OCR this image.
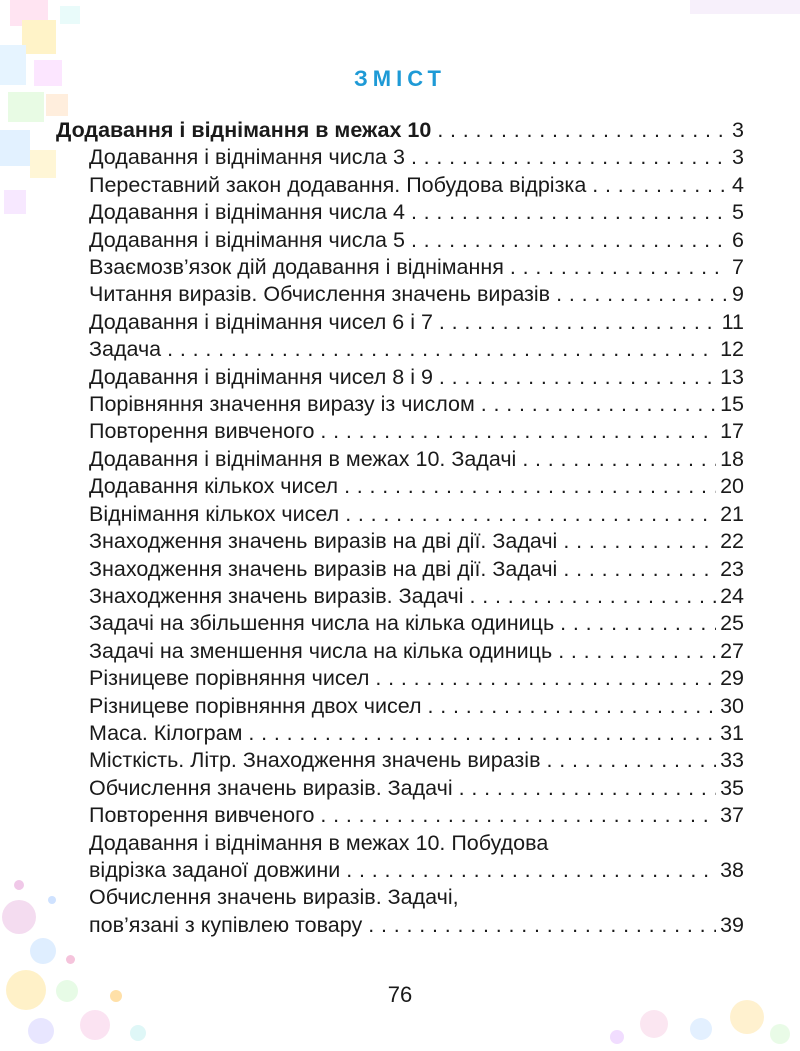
ЗМІСТ
Додавання і віднімання в межах 10 . . .	3
Додавання і віднімання числа 3 . . .	3
Переставний закон додавання. Побудова відрізка . . .	4
Додавання і віднімання числа 4 . . .	5
Додавання і віднімання числа 5 . . .	6
Взаємозв’язок дій додавання і віднімання . . .	7
Читання виразів. Обчислення значень виразів . . .	9
Додавання і віднімання чисел 6 і 7 . . .	11
Задача . . .	12
Додавання і віднімання чисел 8 і 9 . . .	13
Порівняння значення виразу із числом . . .	15
Повторення вивченого . . .	17
Додавання і віднімання в межах 10. Задачі . . .	18
Додавання кількох чисел . . .	20
Віднімання кількох чисел . . .	21
Знаходження значень виразів на дві дії. Задачі . . .	22
Знаходження значень виразів на дві дії. Задачі . . .	23
Знаходження значень виразів. Задачі . . .	24
Задачі на збільшення числа на кілька одиниць . . .	25
Задачі на зменшення числа на кілька одиниць . . .	27
Різницеве порівняння чисел . . .	29
Різницеве порівняння двох чисел . . .	30
Маса. Кілограм . . .	31
Місткість. Літр. Знаходження значень виразів . . .	33
Обчислення значень виразів. Задачі . . .	35
Повторення вивченого . . .	37
Додавання і віднімання в межах 10. Побудова
відрізка заданої довжини . . .	38
Обчислення значень виразів. Задачі,
пов’язані з купівлею товару . . .	39
76
